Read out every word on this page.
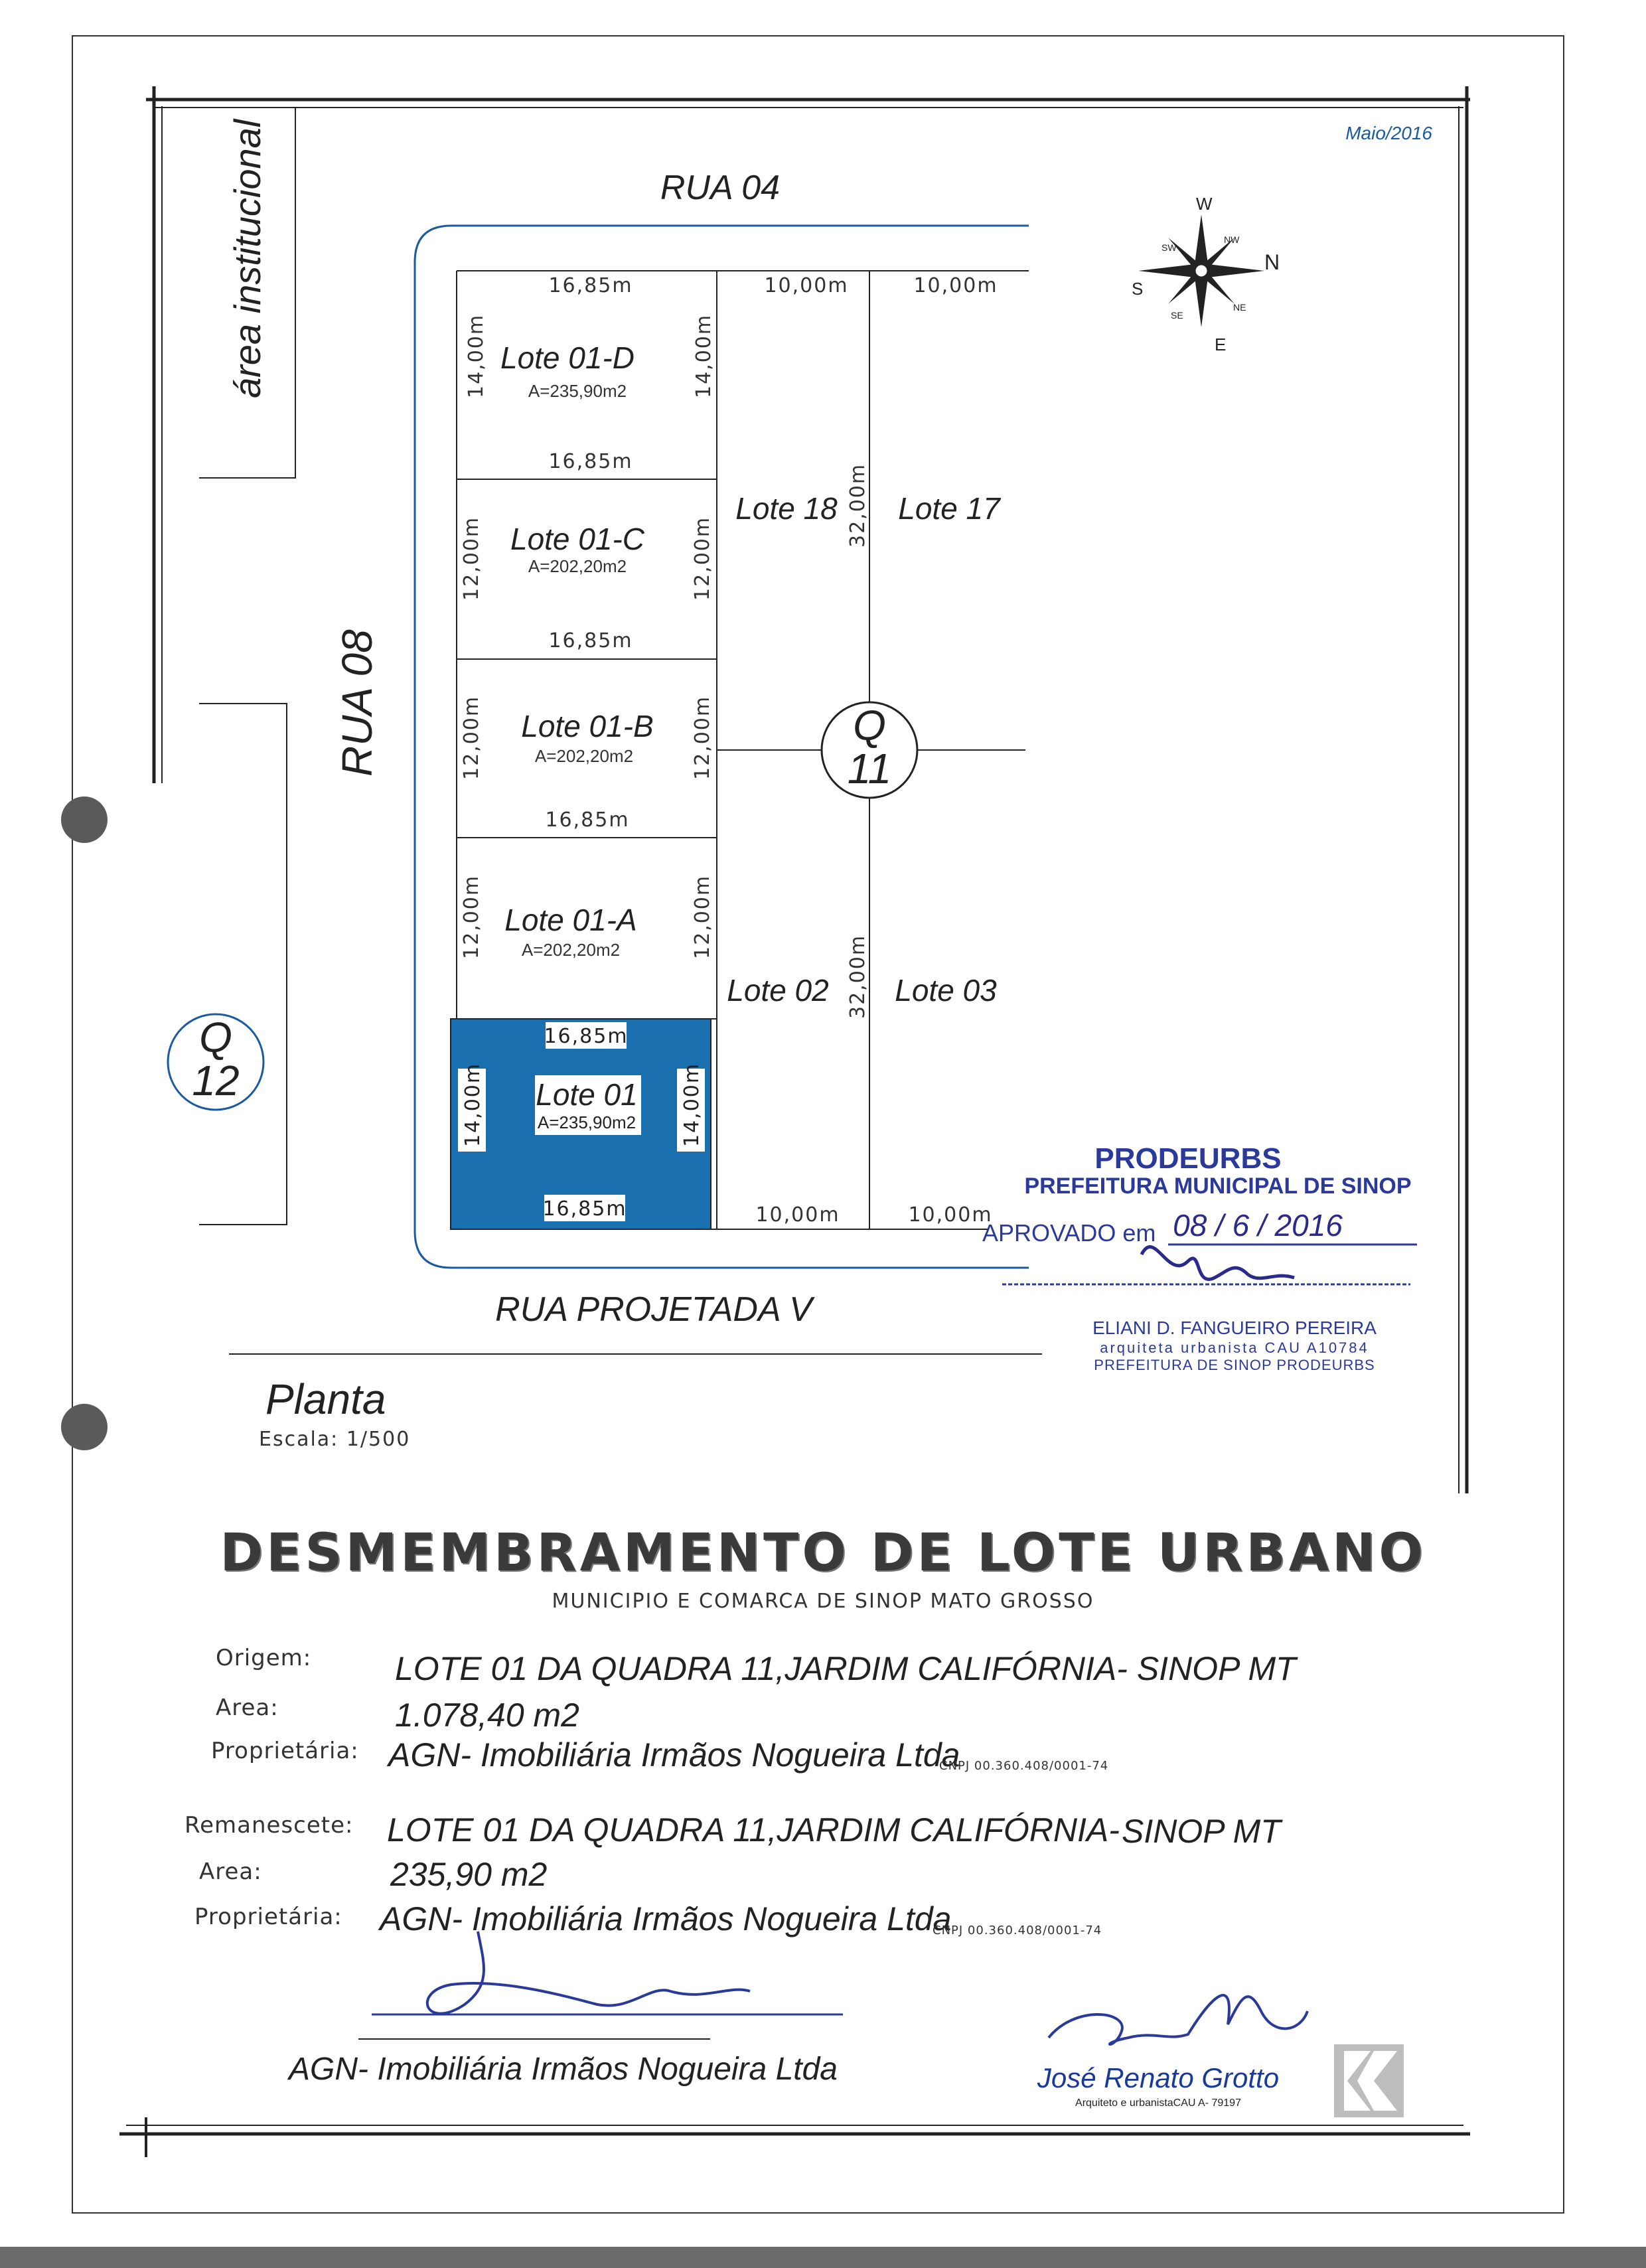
área institucional
Q
12
RUA 04
RUA 08
RUA PROJETADA V
16,85m
Lote 01-D
A=235,90m2
14,00m	14,00m
16,85m
Lote 01-C
A=202,20m2
12,00m	12,00m
16,85m
Lote 01-B
A=202,20m2
12,00m	12,00m
16,85m
Lote 01-A
A=202,20m2
12,00m	12,00m
16,85m
Lote 01
A=235,90m2
14,00m	14,00m
16,85m
10,00m	10,00m
Lote 18 Lote 17
32,00m
Lote 02 Lote 03
32,00m
10,00m	10,00m
Q
11
Maio/2016
W
N
S
E
NW
SW
NE
SE
PRODEURBS
PREFEITURA MUNICIPAL DE SINOP
APROVADO em 08 / 6 / 2016
ELIANI D. FANGUEIRO PEREIRA
arquiteta urbanista CAU A10784
PREFEITURA DE SINOP PRODEURBS
Planta
Escala: 1/500
DESMEMBRAMENTO DE LOTE URBANO
MUNICIPIO E COMARCA DE SINOP MATO GROSSO
Origem:	LOTE 01 DA QUADRA 11,JARDIM CALIFÓRNIA- SINOP MT
Area:	1.078,40 m2
Proprietária: AGN- Imobiliária Irmãos Nogueira Ltda
CNPJ 00.360.408/0001-74
Remanescete: LOTE 01 DA QUADRA 11,JARDIM CALIFÓRNIA- SINOP MT
Area:	235,90 m2
Proprietária: AGN- Imobiliária Irmãos Nogueira Ltda
CNPJ 00.360.408/0001-74
José Renato Grotto
Arquiteto e urbanistaCAU A- 79197
AGN- Imobiliária Irmãos Nogueira Ltda
